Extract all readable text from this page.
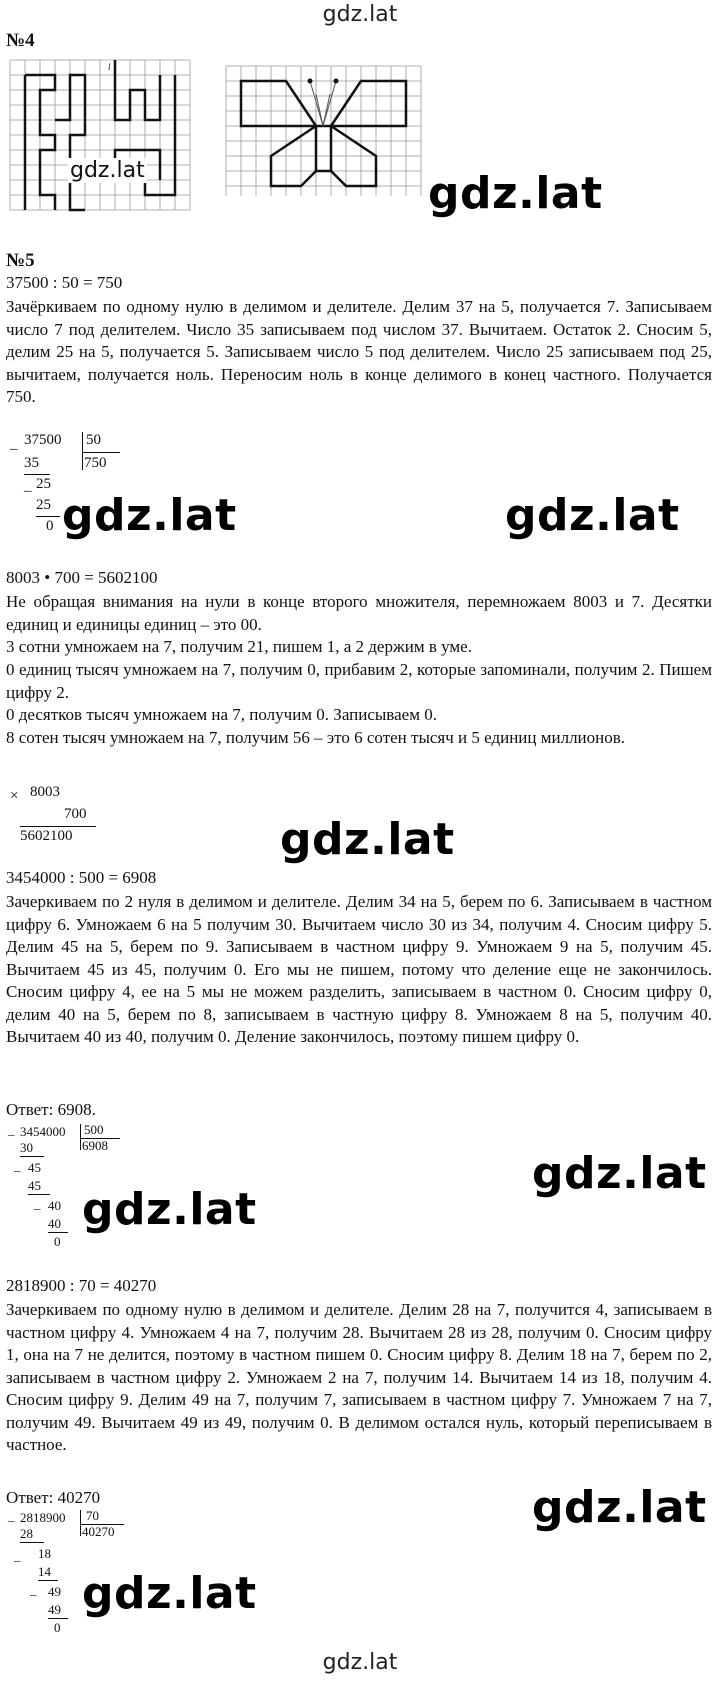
gdz.lat
№4
l
gdz.lat	gdz.lat
№5
37500 : 50 = 750
Зачёркиваем по одному нулю в делимом и делителе. Делим 37 на 5, получается 7. Записываем число 7 под делителем. Число 35 записываем под числом 37. Вычитаем. Остаток 2. Сносим 5, делим 25 на 5, получается 5. Записываем число 5 под делителем. Число 25 записываем под 25, вычитаем, получается ноль. Переносим ноль в конце делимого в конец частного. Получается 750.
_ 37500 50
750
35
_ 25
25
0 gdz.lat	gdz.lat
8003 • 700 = 5602100
Не обращая внимания на нули в конце второго множителя, перемножаем 8003 и 7. Десятки единиц и единицы единиц – это 00.
3 сотни умножаем на 7, получим 21, пишем 1, а 2 держим в уме.
0 единиц тысяч умножаем на 7, получим 0, прибавим 2, которые запоминали, получим 2. Пишем цифру 2.
0 десятков тысяч умножаем на 7, получим 0. Записываем 0.
8 сотен тысяч умножаем на 7, получим 56 – это 6 сотен тысяч и 5 единиц миллионов.
× 8003
700
5602100	gdz.lat
3454000 : 500 = 6908
Зачеркиваем по 2 нуля в делимом и делителе. Делим 34 на 5, берем по 6. Записываем в частном цифру 6. Умножаем 6 на 5 получим 30. Вычитаем число 30 из 34, получим 4. Сносим цифру 5. Делим 45 на 5, берем по 9. Записываем в частном цифру 9. Умножаем 9 на 5, получим 45. Вычитаем 45 из 45, получим 0. Его мы не пишем, потому что деление еще не закончилось. Сносим цифру 4, ее на 5 мы не можем разделить, записываем в частном 0. Сносим цифру 0, делим 40 на 5, берем по 8, записываем в частную цифру 8. Умножаем 8 на 5, получим 40. Вычитаем 40 из 40, получим 0. Деление закончилось, поэтому пишем цифру 0.
Ответ: 6908.
_ 3454000 500
6908
30
_ 45
45
_ 40
40
0
gdz.lat
gdz.lat
2818900 : 70 = 40270
Зачеркиваем по одному нулю в делимом и делителе. Делим 28 на 7, получится 4, записываем в частном цифру 4. Умножаем 4 на 7, получим 28. Вычитаем 28 из 28, получим 0. Сносим цифру 1, она на 7 не делится, поэтому в частном пишем 0. Сносим цифру 8. Делим 18 на 7, берем по 2, записываем в частном цифру 2. Умножаем 2 на 7, получим 14. Вычитаем 14 из 18, получим 4. Сносим цифру 9. Делим 49 на 7, получим 7, записываем в частном цифру 7. Умножаем 7 на 7, получим 49. Вычитаем 49 из 49, получим 0. В делимом остался нуль, который переписываем в частное.
Ответ: 40270
_ 2818900 70
40270
28
_ 18
14
_ 49
49
0
gdz.lat
gdz.lat
gdz.lat
